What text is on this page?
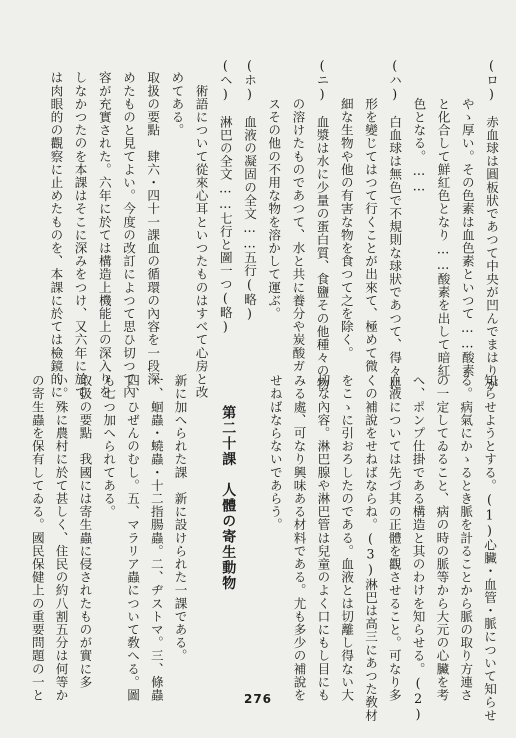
(ロ)　赤血球は圓板狀であつて中央が凹んでまはりが
　　　やゝ厚い。その色素は血色素といつて……酸素
　　　と化合して鮮紅色となり……酸素を出して暗紅
　　　色となる。……
(ハ)　白血球は無色で不規則な球狀であつて、得々に
　　　形を變じてはつて行くことが出來て、極めて微
　　　細な生物や他の有害な物を食つて之を除く。
(ニ)　血漿は水に少量の蛋白質、食鹽その他種々の物
　　　の溶けたものであつて、水と共に養分や炭酸ガ
　　　スその他の不用な物を溶かして運ぶ。
(ホ)　血液の凝固の全文……五行(略)
(ヘ)　淋巴の全文……七行と圖一つ(略)
　　術語について從來心耳といつたものはすべて心房と改
　めてある。
　取扱の要點　肆六・四十一課血の循環の內容を一段深
　めたものと見てよい。今度の改訂によつて思ひ切つて內
　容が充實された。六年に於ては構造上機能上の深入りを
　しなかつたのを本課はそこに深みをつけ、又六年に於て
　は肉眼的の觀察に止めたものを、本課に於ては檢鏡的に
知らせようとする。(1)心臟・血管・脈について知らせ
る。病氣にかゝるとき脈を計ることから脈の取り方連さ
の一定してゐること、病の時の脈等から大元の心臟を考
へ、ポンプ仕掛である構造と其のわけを知らせる。(2)
血液については先づ其の正體を觀させること。可なり多
くの補說をせねばならね。(3)淋巴は高三にあつた敎材
をこゝに引おろしたのである。血液とは切離し得ない大
切な內容。淋巴腺や淋巴管は兒童のよく口にもし目にも
みる處、可なり興味ある材料である。尤も多少の補說を
せねばならないであらう。
　　第二十課　人體の寄生動物
新に加へられた課　新に設けられた一課である。
一、蛔蟲・蟯蟲・十二指腸蟲。二、ヂストマ。三、條蟲
四、ひぜんのむし。五、マラリア蟲について敎へる。圖
も七つ加へられてある。
取扱の要點　我國には寄生蟲に侵されたものが實に多
い。殊に農村に於て甚しく、住民の約八割五分は何等か
の寄生蟲を保有してゐる。國民保健上の重要問題の一と	276
